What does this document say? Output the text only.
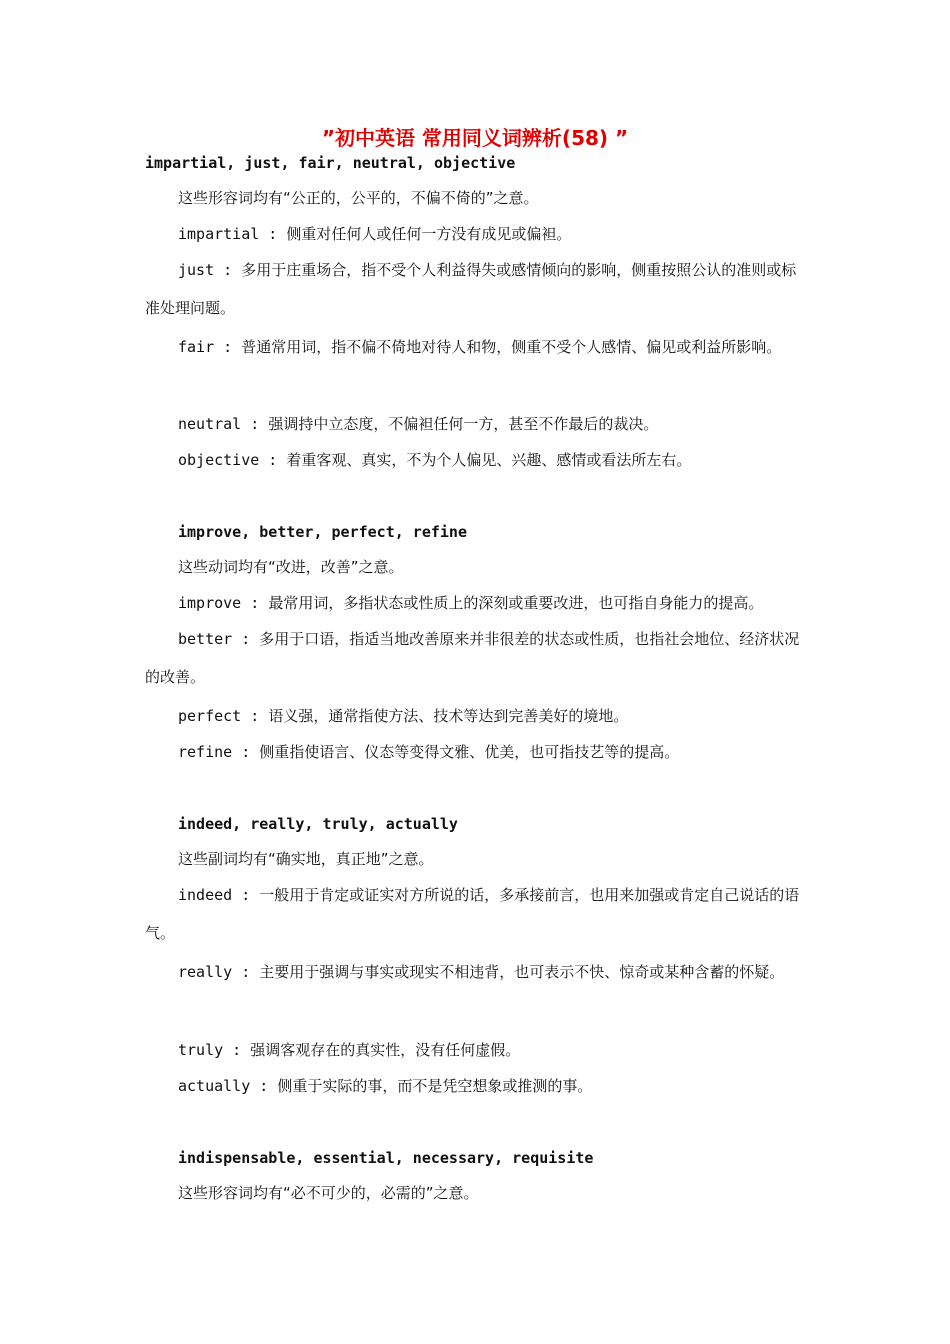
”初中英语 常用同义词辨析(58) ”
impartial, just, fair, neutral, objective
这些形容词均有“公正的，公平的，不偏不倚的”之意。
impartial : 侧重对任何人或任何一方没有成见或偏袒。
just : 多用于庄重场合，指不受个人利益得失或感情倾向的影响，侧重按照公认的准则或标准处理问题。
fair : 普通常用词，指不偏不倚地对待人和物，侧重不受个人感情、偏见或利益所影响。
neutral : 强调持中立态度，不偏袒任何一方，甚至不作最后的裁决。
objective : 着重客观、真实，不为个人偏见、兴趣、感情或看法所左右。
improve, better, perfect, refine
这些动词均有“改进，改善”之意。
improve : 最常用词，多指状态或性质上的深刻或重要改进，也可指自身能力的提高。
better : 多用于口语，指适当地改善原来并非很差的状态或性质，也指社会地位、经济状况的改善。
perfect : 语义强，通常指使方法、技术等达到完善美好的境地。
refine : 侧重指使语言、仪态等变得文雅、优美，也可指技艺等的提高。
indeed, really, truly, actually
这些副词均有“确实地，真正地”之意。
indeed : 一般用于肯定或证实对方所说的话，多承接前言，也用来加强或肯定自己说话的语气。
really : 主要用于强调与事实或现实不相违背，也可表示不快、惊奇或某种含蓄的怀疑。
truly : 强调客观存在的真实性，没有任何虚假。
actually : 侧重于实际的事，而不是凭空想象或推测的事。
indispensable, essential, necessary, requisite
这些形容词均有“必不可少的，必需的”之意。
